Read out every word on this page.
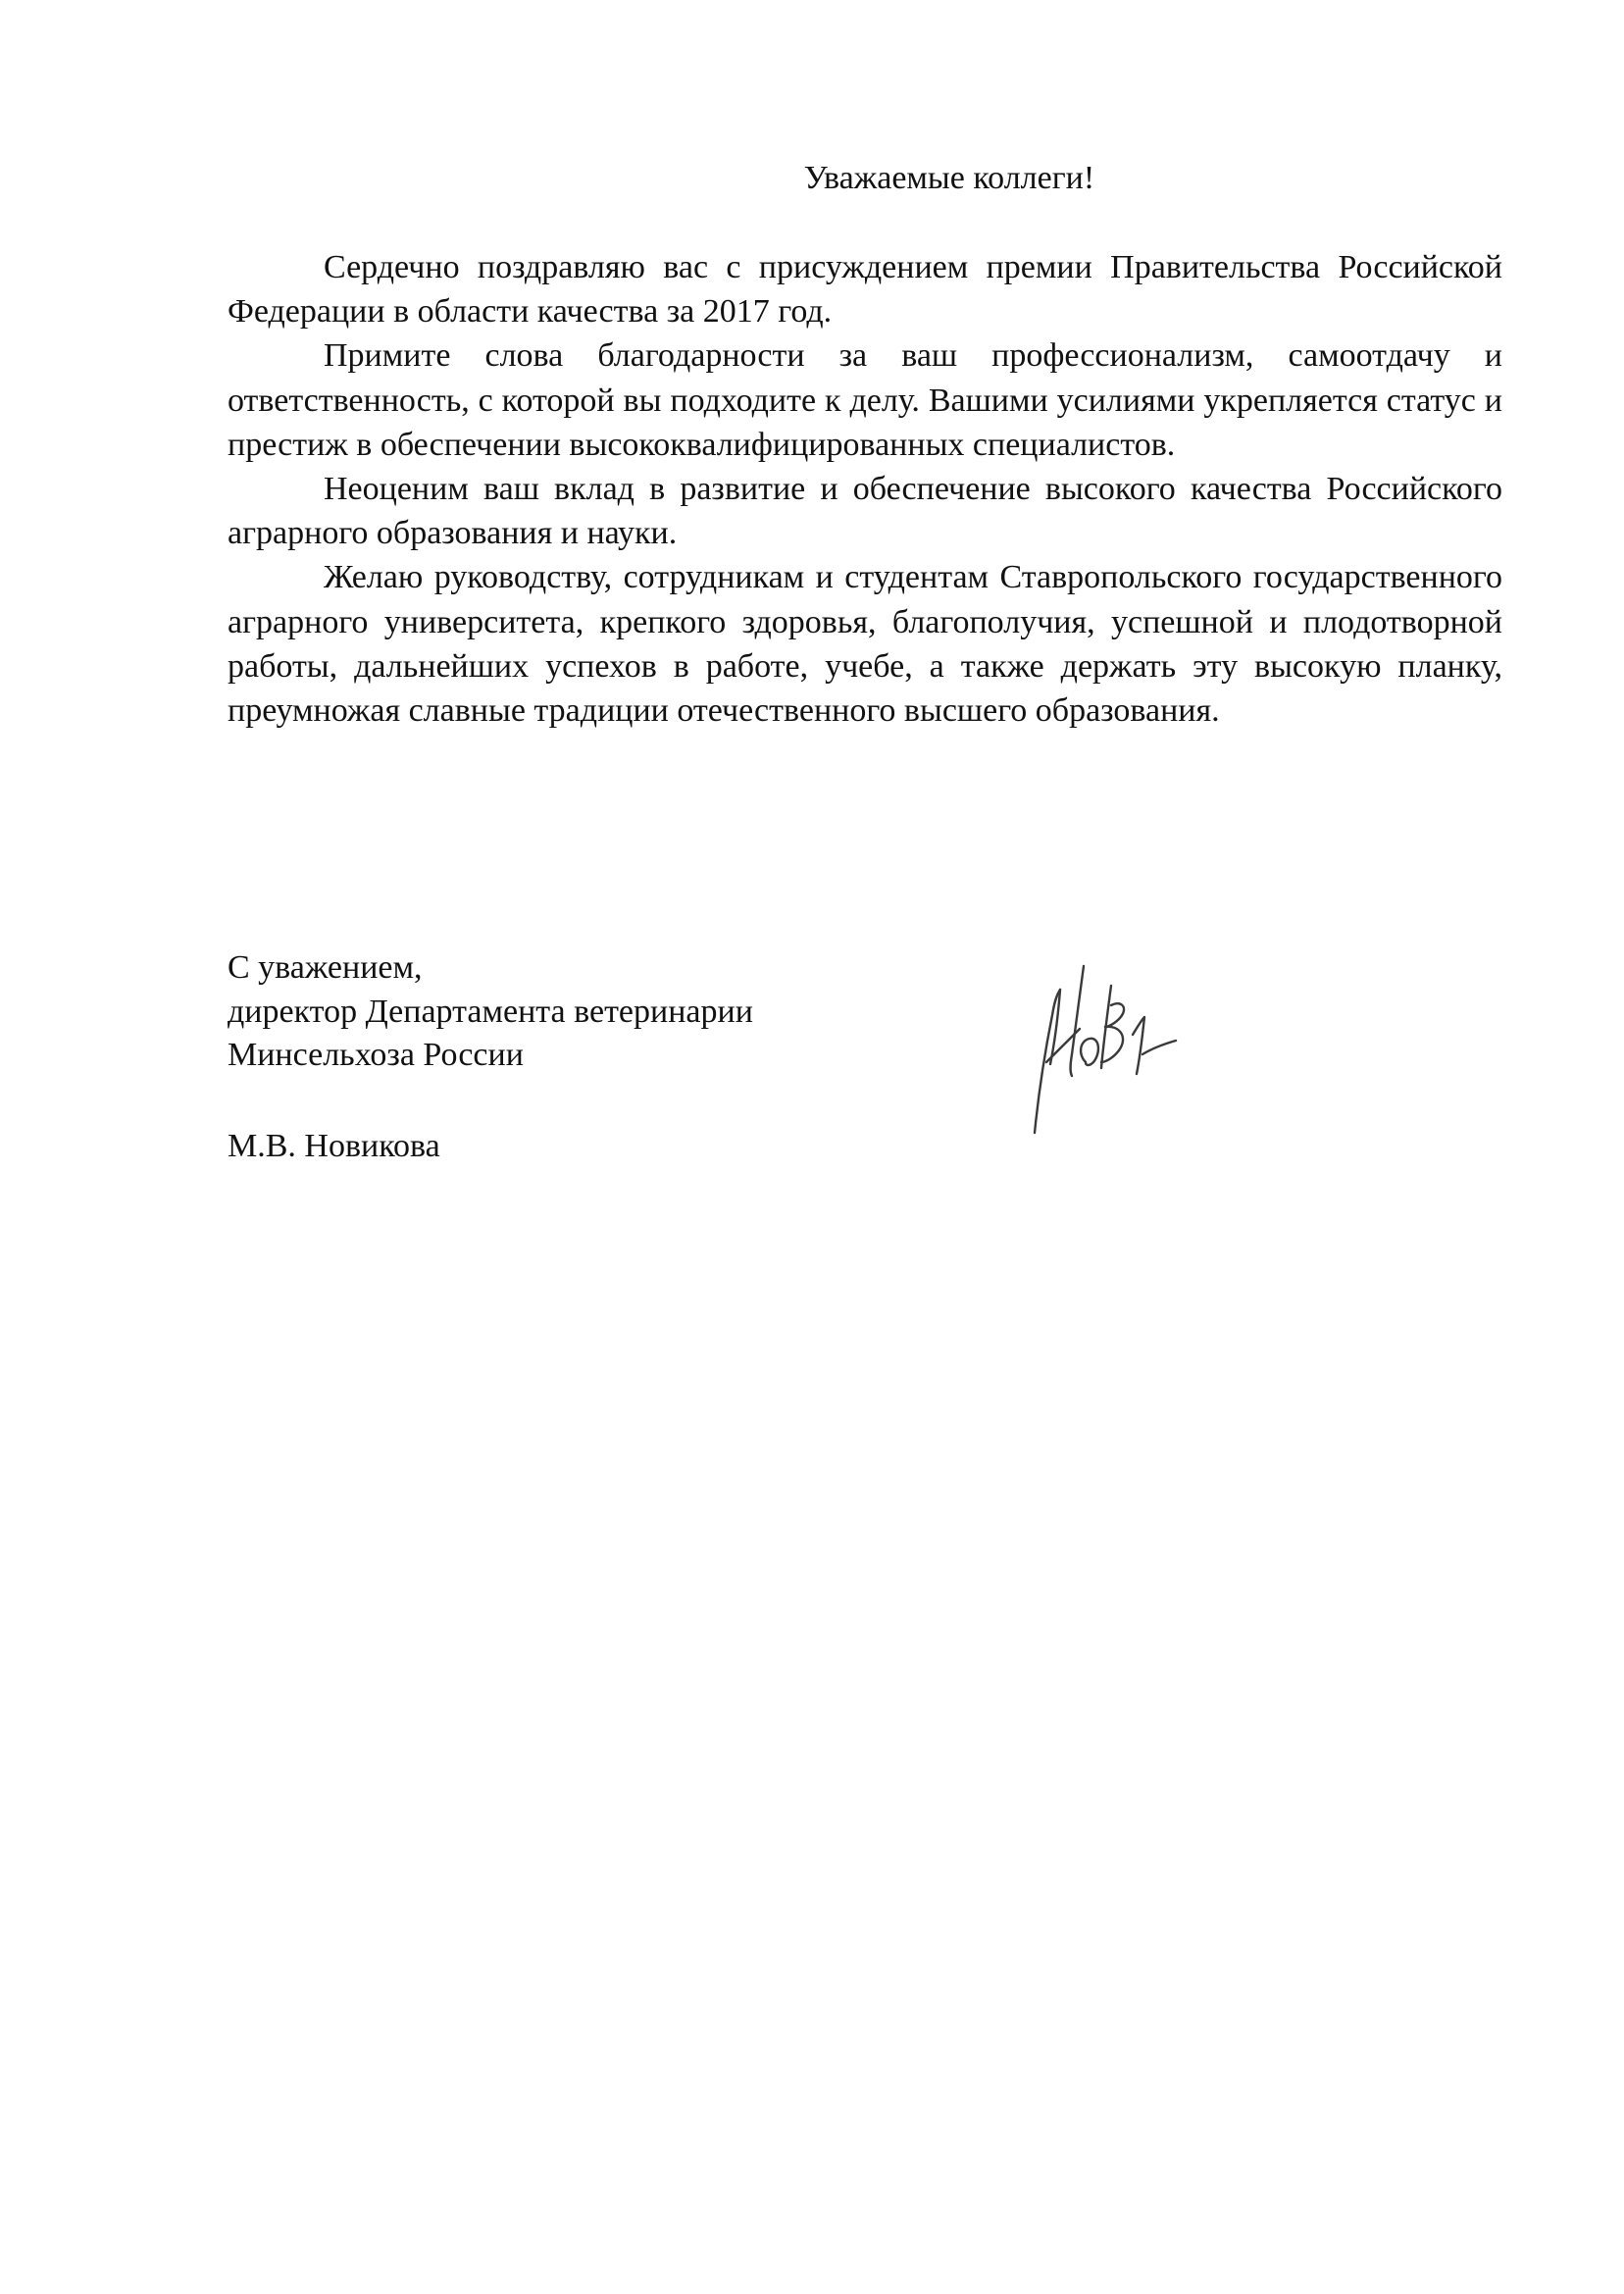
Уважаемые коллеги!

Сердечно поздравляю вас с присуждением премии Правительства Российской Федерации в области качества за 2017 год.

Примите слова благодарности за ваш профессионализм, самоотдачу и ответственность, с которой вы подходите к делу. Вашими усилиями укрепляется статус и престиж в обеспечении высококвалифицированных специалистов.

Неоценим ваш вклад в развитие и обеспечение высокого качества Российского аграрного образования и науки.

Желаю руководству, сотрудникам и студентам Ставропольского государственного аграрного университета, крепкого здоровья, благополучия, успешной и плодотворной работы, дальнейших успехов в работе, учебе, а также держать эту высокую планку, преумножая славные традиции отечественного высшего образования.

С уважением,
директор Департамента ветеринарии
Минсельхоза России
М.В. Новикова
